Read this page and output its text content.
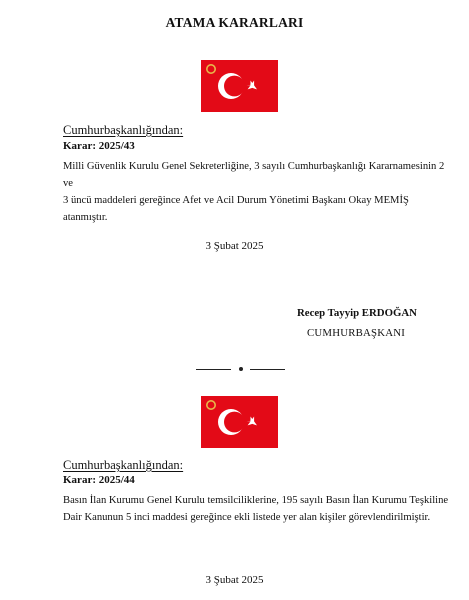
ATAMA KARARLARI
Cumhurbaşkanlığından:
Karar: 2025/43
Milli Güvenlik Kurulu Genel Sekreterliğine, 3 sayılı Cumhurbaşkanlığı Kararnamesinin 2 ve
3 üncü maddeleri gereğince Afet ve Acil Durum Yönetimi Başkanı Okay MEMİŞ atanmıştır.
3 Şubat 2025
Recep Tayyip ERDOĞAN
CUMHURBAŞKANI
Cumhurbaşkanlığından:
Karar: 2025/44
Basın İlan Kurumu Genel Kurulu temsilciliklerine, 195 sayılı Basın İlan Kurumu Teşkiline
Dair Kanunun 5 inci maddesi gereğince ekli listede yer alan kişiler görevlendirilmiştir.
3 Şubat 2025
